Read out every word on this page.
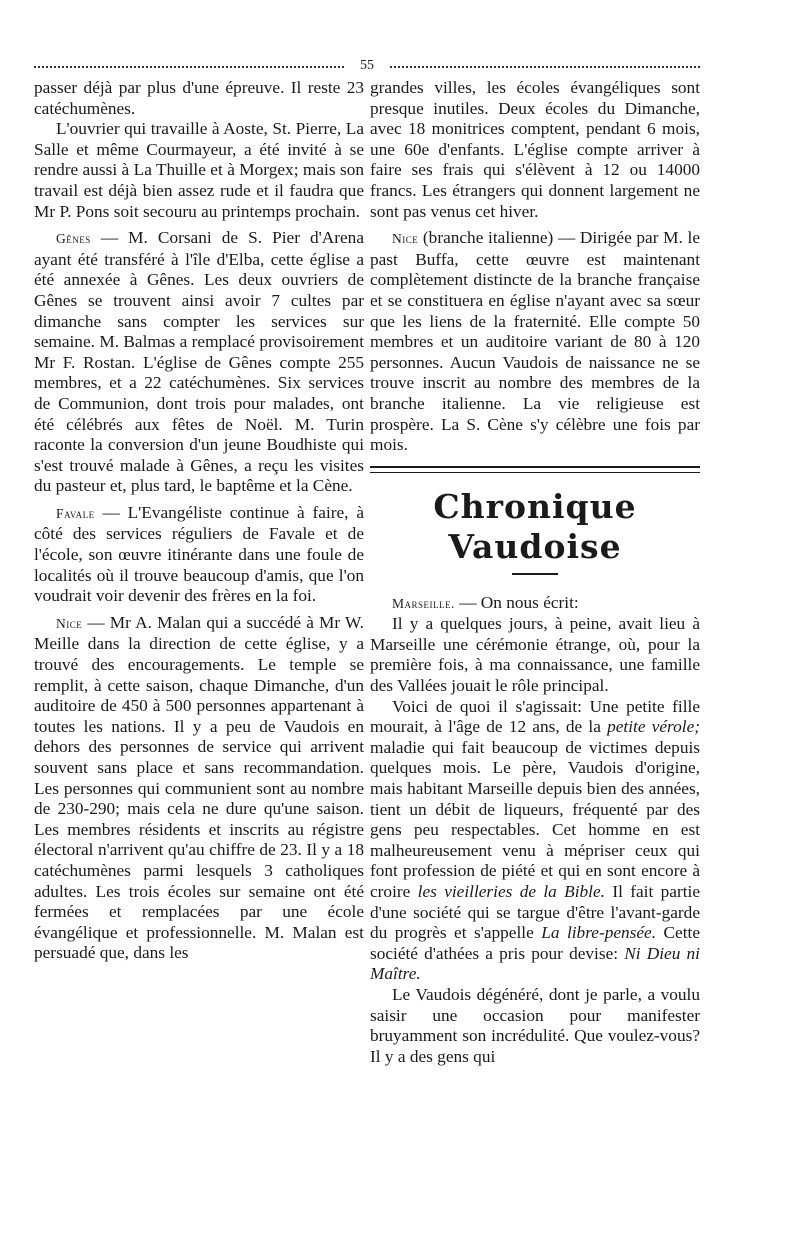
55

passer déjà par plus d'une épreuve. Il reste 23 catéchumènes.

L'ouvrier qui travaille à Aoste, St. Pierre, La Salle et même Courmayeur, a été invité à se rendre aussi à La Thuille et à Morgex; mais son travail est déjà bien assez rude et il faudra que Mr P. Pons soit secouru au printemps prochain.

Gênes — M. Corsani de S. Pier d'Arena ayant été transféré à l'île d'Elba, cette église a été annexée à Gênes. Les deux ouvriers de Gênes se trouvent ainsi avoir 7 cultes par dimanche sans compter les services sur semaine. M. Balmas a remplacé provisoirement Mr F. Rostan. L'église de Gênes compte 255 membres, et a 22 catéchumènes. Six services de Communion, dont trois pour malades, ont été célébrés aux fêtes de Noël. M. Turin raconte la conversion d'un jeune Boudhiste qui s'est trouvé malade à Gênes, a reçu les visites du pasteur et, plus tard, le baptême et la Cène.

Favale — L'Evangéliste continue à faire, à côté des services réguliers de Favale et de l'école, son œuvre itinérante dans une foule de localités où il trouve beaucoup d'amis, que l'on voudrait voir devenir des frères en la foi.

Nice — Mr A. Malan qui a succédé à Mr W. Meille dans la direction de cette église, y a trouvé des encouragements. Le temple se remplit, à cette saison, chaque Dimanche, d'un auditoire de 450 à 500 personnes appartenant à toutes les nations. Il y a peu de Vaudois en dehors des personnes de service qui arrivent souvent sans place et sans recommandation. Les personnes qui communient sont au nombre de 230-290; mais cela ne dure qu'une saison. Les membres résidents et inscrits au régistre électoral n'arrivent qu'au chiffre de 23. Il y a 18 catéchumènes parmi lesquels 3 catholiques adultes. Les trois écoles sur semaine ont été fermées et remplacées par une école évangélique et professionnelle. M. Malan est persuadé que, dans les

grandes villes, les écoles évangéliques sont presque inutiles. Deux écoles du Dimanche, avec 18 monitrices comptent, pendant 6 mois, une 60e d'enfants. L'église compte arriver à faire ses frais qui s'élèvent à 12 ou 14000 francs. Les étrangers qui donnent largement ne sont pas venus cet hiver.

Nice (branche italienne) — Dirigée par M. le past Buffa, cette œuvre est maintenant complètement distincte de la branche française et se constituera en église n'ayant avec sa sœur que les liens de la fraternité. Elle compte 50 membres et un auditoire variant de 80 à 120 personnes. Aucun Vaudois de naissance ne se trouve inscrit au nombre des membres de la branche italienne. La vie religieuse est prospère. La S. Cène s'y célèbre une fois par mois.

Chronique Vaudoise

Marseille. — On nous écrit:

Il y a quelques jours, à peine, avait lieu à Marseille une cérémonie étrange, où, pour la première fois, à ma connaissance, une famille des Vallées jouait le rôle principal.

Voici de quoi il s'agissait: Une petite fille mourait, à l'âge de 12 ans, de la petite vérole; maladie qui fait beaucoup de victimes depuis quelques mois. Le père, Vaudois d'origine, mais habitant Marseille depuis bien des années, tient un débit de liqueurs, fréquenté par des gens peu respectables. Cet homme en est malheureusement venu à mépriser ceux qui font profession de piété et qui en sont encore à croire les vieilleries de la Bible. Il fait partie d'une société qui se targue d'être l'avant-garde du progrès et s'appelle La libre-pensée. Cette société d'athées a pris pour devise: Ni Dieu ni Maître.

Le Vaudois dégénéré, dont je parle, a voulu saisir une occasion pour manifester bruyamment son incrédulité. Que voulez-vous? Il y a des gens qui
